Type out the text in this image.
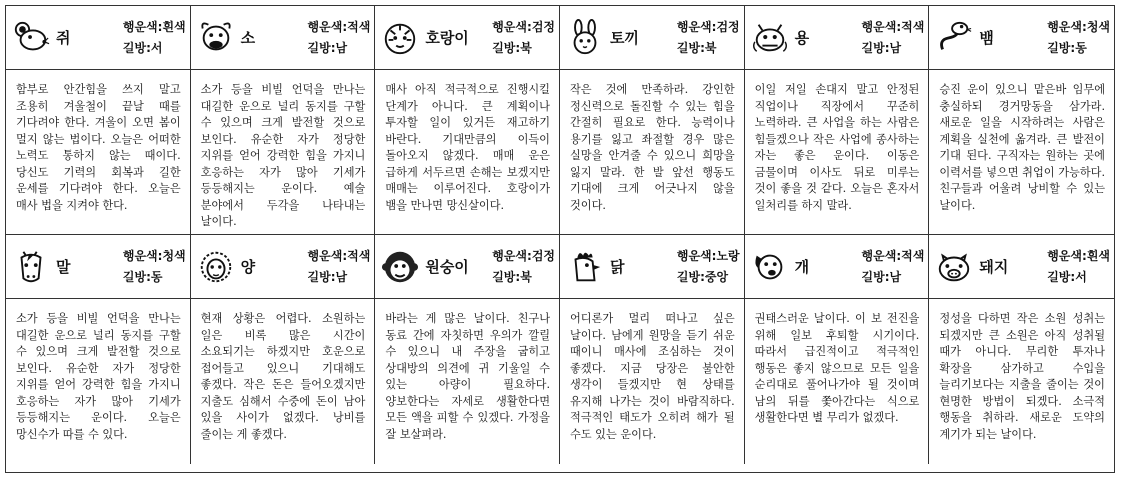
쥐
행운색:흰색
길방:서
소
행운색:적색
길방:남
호랑이
행운색:검정
길방:북
토끼
행운색:검정
길방:북
용
행운색:적색
길방:남
뱀
행운색:청색
길방:동
함부로 안간힘을 쓰지 말고 조용히 겨울철이 끝날 때를 기다려야 한다. 겨울이 오면 봄이 멀지 않는 법이다. 오늘은 어떠한 노력도 통하지 않는 때이다. 당신도 기력의 회복과 길한 운세를 기다려야 한다. 오늘은 매사 법을 지켜야 한다.
소가 등을 비빌 언덕을 만나는 대길한 운으로 널리 동지를 구할 수 있으며 크게 발전할 것으로 보인다. 유순한 자가 정당한 지위를 얻어 강력한 힘을 가지니 호응하는 자가 많아 기세가 등등해지는 운이다. 예술 분야에서 두각을 나타내는 날이다.
매사 아직 적극적으로 진행시킬 단계가 아니다. 큰 계획이나 투자할 일이 있거든 재고하기 바란다. 기대만큼의 이득이 돌아오지 않겠다. 매매 운은 급하게 서두르면 손해는 보겠지만 매매는 이루어진다. 호랑이가 뱀을 만나면 망신살이다.
작은 것에 만족하라. 강인한 정신력으로 돌진할 수 있는 힘을 간절히 필요로 한다. 능력이나 용기를 잃고 좌절할 경우 많은 실망을 안겨줄 수 있으니 희망을 잃지 말라. 한 발 앞선 행동도 기대에 크게 어긋나지 않을 것이다.
이일 저일 손대지 말고 안정된 직업이나 직장에서 꾸준히 노력하라. 큰 사업을 하는 사람은 힘들겠으나 작은 사업에 종사하는 자는 좋은 운이다. 이동은 금물이며 이사도 뒤로 미루는 것이 좋을 것 같다. 오늘은 혼자서 일처리를 하지 말라.
승진 운이 있으니 맡은바 임무에 충실하되 경거망동을 삼가라. 새로운 일을 시작하려는 사람은 계획을 실천에 옮겨라. 큰 발전이 기대 된다. 구직자는 원하는 곳에 이력서를 넣으면 취업이 가능하다. 친구들과 어울려 낭비할 수 있는 날이다.
말
행운색:청색
길방:동
양
행운색:적색
길방:남
원숭이
행운색:검정
길방:북
닭
행운색:노랑
길방:중앙
개
행운색:적색
길방:남
돼지
행운색:흰색
길방:서
소가 등을 비빌 언덕을 만나는 대길한 운으로 널리 동지를 구할 수 있으며 크게 발전할 것으로 보인다. 유순한 자가 정당한 지위를 얻어 강력한 힘을 가지니 호응하는 자가 많아 기세가 등등해지는 운이다. 오늘은 망신수가 따를 수 있다.
현재 상황은 어렵다. 소원하는 일은 비록 많은 시간이 소요되기는 하겠지만 호운으로 접어들고 있으니 기대해도 좋겠다. 작은 돈은 들어오겠지만 지출도 심해서 수중에 돈이 남아 있을 사이가 없겠다. 낭비를 줄이는 게 좋겠다.
바라는 게 많은 날이다. 친구나 동료 간에 자칫하면 우의가 깔릴 수 있으니 내 주장을 굽히고 상대방의 의견에 귀 기울일 수 있는 아량이 필요하다. 양보한다는 자세로 생활한다면 모든 액을 피할 수 있겠다. 가정을 잘 보살펴라.
어디론가 멀리 떠나고 싶은 날이다. 남에게 원망을 듣기 쉬운 때이니 매사에 조심하는 것이 좋겠다. 지금 당장은 불안한 생각이 들겠지만 현 상태를 유지해 나가는 것이 바람직하다. 적극적인 태도가 오히려 해가 될 수도 있는 운이다.
권태스러운 날이다. 이 보 전진을 위해 일보 후퇴할 시기이다. 따라서 급진적이고 적극적인 행동은 좋지 않으므로 모든 일을 순리대로 풀어나가야 될 것이며 남의 뒤를 쫓아간다는 식으로 생활한다면 별 무리가 없겠다.
정성을 다하면 작은 소원 성취는 되겠지만 큰 소원은 아직 성취될 때가 아니다. 무리한 투자나 확장을 삼가하고 수입을 늘리기보다는 지출을 줄이는 것이 현명한 방법이 되겠다. 소극적 행동을 취하라. 새로운 도약의 계기가 되는 날이다.
